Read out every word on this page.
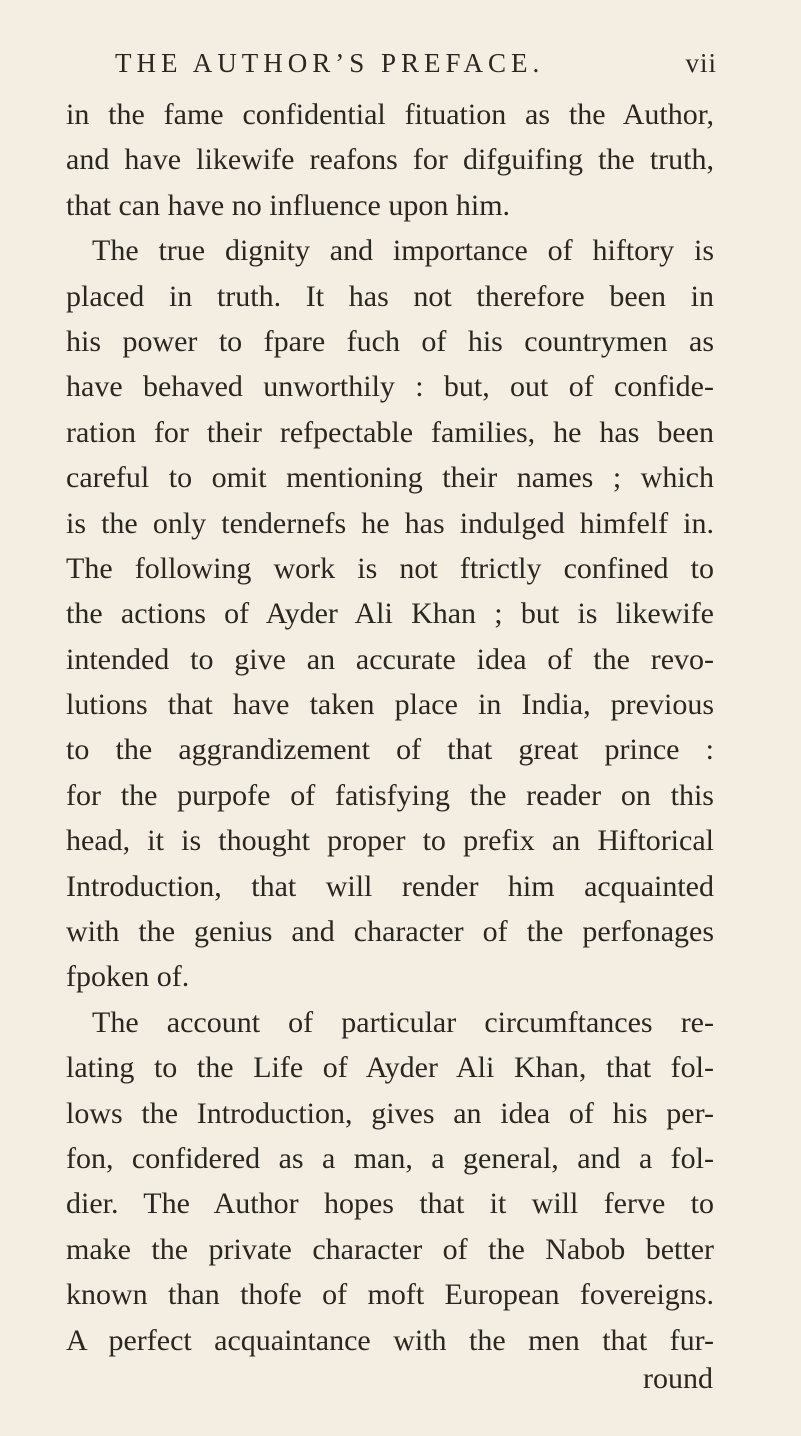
THE AUTHOR’S PREFACE.	vii
in the fame confidential fituation as the Author,
and have likewife reafons for difguifing the truth,
that can have no influence upon him.
The true dignity and importance of hiftory is
placed in truth. It has not therefore been in
his power to fpare fuch of his countrymen as
have behaved unworthily : but, out of confide-
ration for their refpectable families, he has been
careful to omit mentioning their names ; which
is the only tendernefs he has indulged himfelf in.
The following work is not ftrictly confined to
the actions of Ayder Ali Khan ; but is likewife
intended to give an accurate idea of the revo-
lutions that have taken place in India, previous
to the aggrandizement of that great prince :
for the purpofe of fatisfying the reader on this
head, it is thought proper to prefix an Hiftorical
Introduction, that will render him acquainted
with the genius and character of the perfonages
fpoken of.
The account of particular circumftances re-
lating to the Life of Ayder Ali Khan, that fol-
lows the Introduction, gives an idea of his per-
fon, confidered as a man, a general, and a fol-
dier. The Author hopes that it will ferve to
make the private character of the Nabob better
known than thofe of moft European fovereigns.
A perfect acquaintance with the men that fur-
round
